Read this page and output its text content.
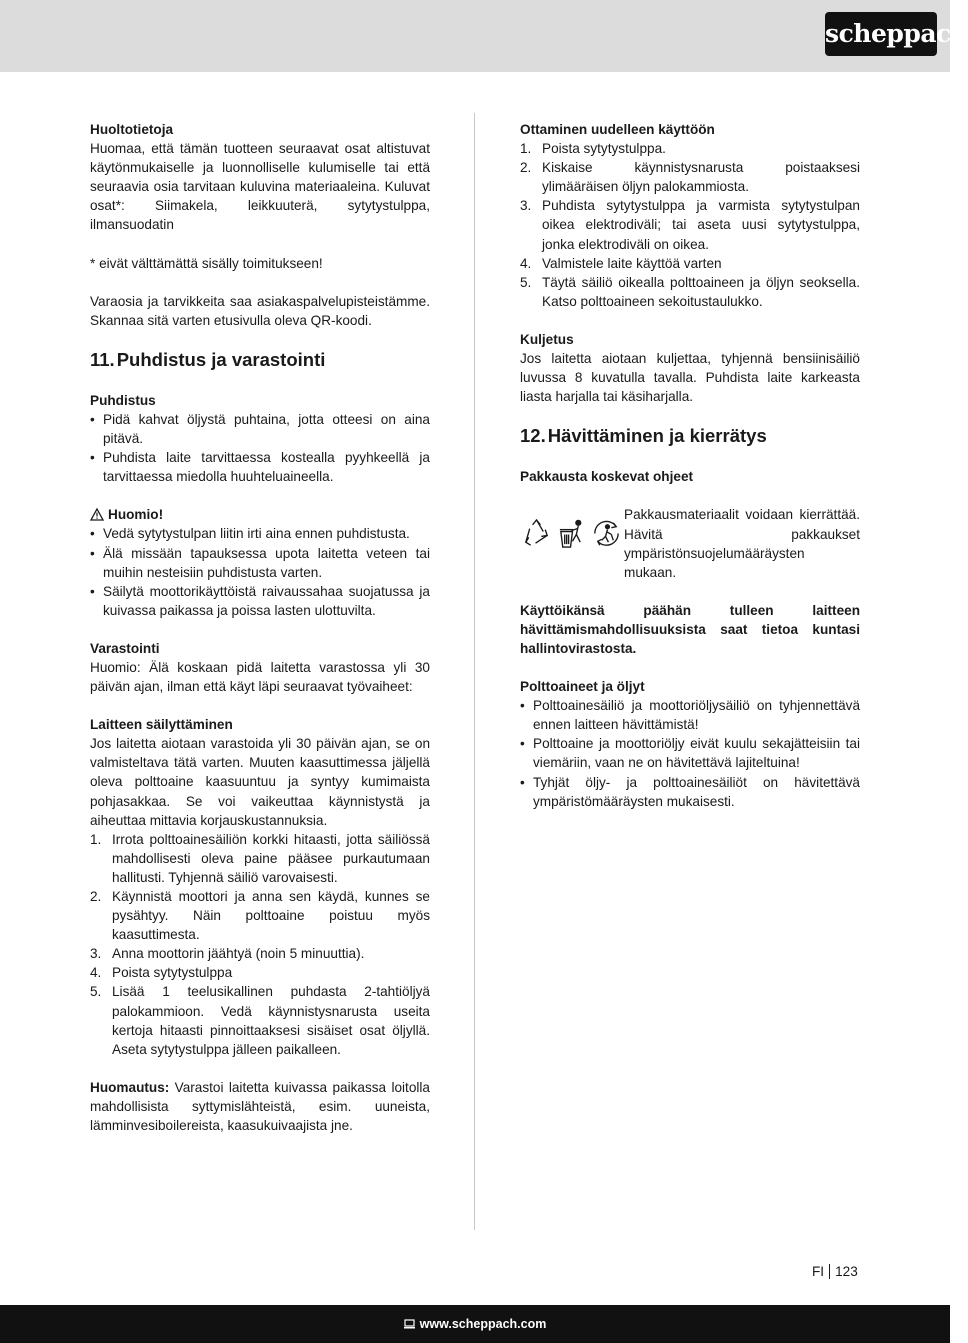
scheppach

Huoltotietoja

Huomaa, että tämän tuotteen seuraavat osat altistuvat käytönmukaiselle ja luonnolliselle kulumiselle tai että seuraavia osia tarvitaan kuluvina materiaaleina. Kuluvat osat*: Siimakela, leikkuuterä, sytytystulppa, ilmansuodatin

* eivät välttämättä sisälly toimitukseen!

Varaosia ja tarvikkeita saa asiakaspalvelupisteistämme. Skannaa sitä varten etusivulla oleva QR-koodi.

11. Puhdistus ja varastointi

Puhdistus

• Pidä kahvat öljystä puhtaina, jotta otteesi on aina pitävä.
• Puhdista laite tarvittaessa kostealla pyyhkeellä ja tarvittaessa miedolla huuhteluaineella.
Huomio!
• Vedä sytytystulpan liitin irti aina ennen puhdistusta.
• Älä missään tapauksessa upota laitetta veteen tai muihin nesteisiin puhdistusta varten.
• Säilytä moottorikäyttöistä raivaussahaa suojatussa ja kuivassa paikassa ja poissa lasten ulottuvilta.

Varastointi

Huomio: Älä koskaan pidä laitetta varastossa yli 30 päivän ajan, ilman että käyt läpi seuraavat työvaiheet:

Laitteen säilyttäminen

Jos laitetta aiotaan varastoida yli 30 päivän ajan, se on valmisteltava tätä varten. Muuten kaasuttimessa jäljellä oleva polttoaine kaasuuntuu ja syntyy kumimaista pohjasakkaa. Se voi vaikeuttaa käynnistystä ja aiheuttaa mittavia korjauskustannuksia.

1. Irrota polttoainesäiliön korkki hitaasti, jotta säiliössä mahdollisesti oleva paine pääsee purkautumaan hallitusti. Tyhjennä säiliö varovaisesti.
2. Käynnistä moottori ja anna sen käydä, kunnes se pysähtyy. Näin polttoaine poistuu myös kaasuttimesta.
3. Anna moottorin jäähtyä (noin 5 minuuttia).
4. Poista sytytystulppa
5. Lisää 1 teelusikallinen puhdasta 2-tahtiöljyä palokammioon. Vedä käynnistysnarusta useita kertoja hitaasti pinnoittaaksesi sisäiset osat öljyllä. Aseta sytytystulppa jälleen paikalleen.

Huomautus: Varastoi laitetta kuivassa paikassa loitolla mahdollisista syttymislähteistä, esim. uuneista, lämminvesiboilereista, kaasukuivaajista jne.

Ottaminen uudelleen käyttöön

1. Poista sytytystulppa.
2. Kiskaise käynnistysnarusta poistaaksesi ylimääräisen öljyn palokammiosta.
3. Puhdista sytytystulppa ja varmista sytytystulpan oikea elektrodiväli; tai aseta uusi sytytystulppa, jonka elektrodiväli on oikea.
4. Valmistele laite käyttöä varten
5. Täytä säiliö oikealla polttoaineen ja öljyn seoksella. Katso polttoaineen sekoitustaulukko.

Kuljetus

Jos laitetta aiotaan kuljettaa, tyhjennä bensiinisäiliö luvussa 8 kuvatulla tavalla. Puhdista laite karkeasta liasta harjalla tai käsiharjalla.

12. Hävittäminen ja kierrätys

Pakkausta koskevat ohjeet

Pakkausmateriaalit voidaan kierrättää. Hävitä pakkaukset ympäristönsuojelumääräysten mukaan.

Käyttöikänsä päähän tulleen laitteen hävittämismahdollisuuksista saat tietoa kuntasi hallintovirastosta.

Polttoaineet ja öljyt

• Polttoainesäiliö ja moottoriöljysäiliö on tyhjennettävä ennen laitteen hävittämistä!
• Polttoaine ja moottoriöljy eivät kuulu sekajätteisiin tai viemäriin, vaan ne on hävitettävä lajiteltuina!
• Tyhjät öljy- ja polttoainesäiliöt on hävitettävä ympäristömääräysten mukaisesti.
FI 123
www.scheppach.com
